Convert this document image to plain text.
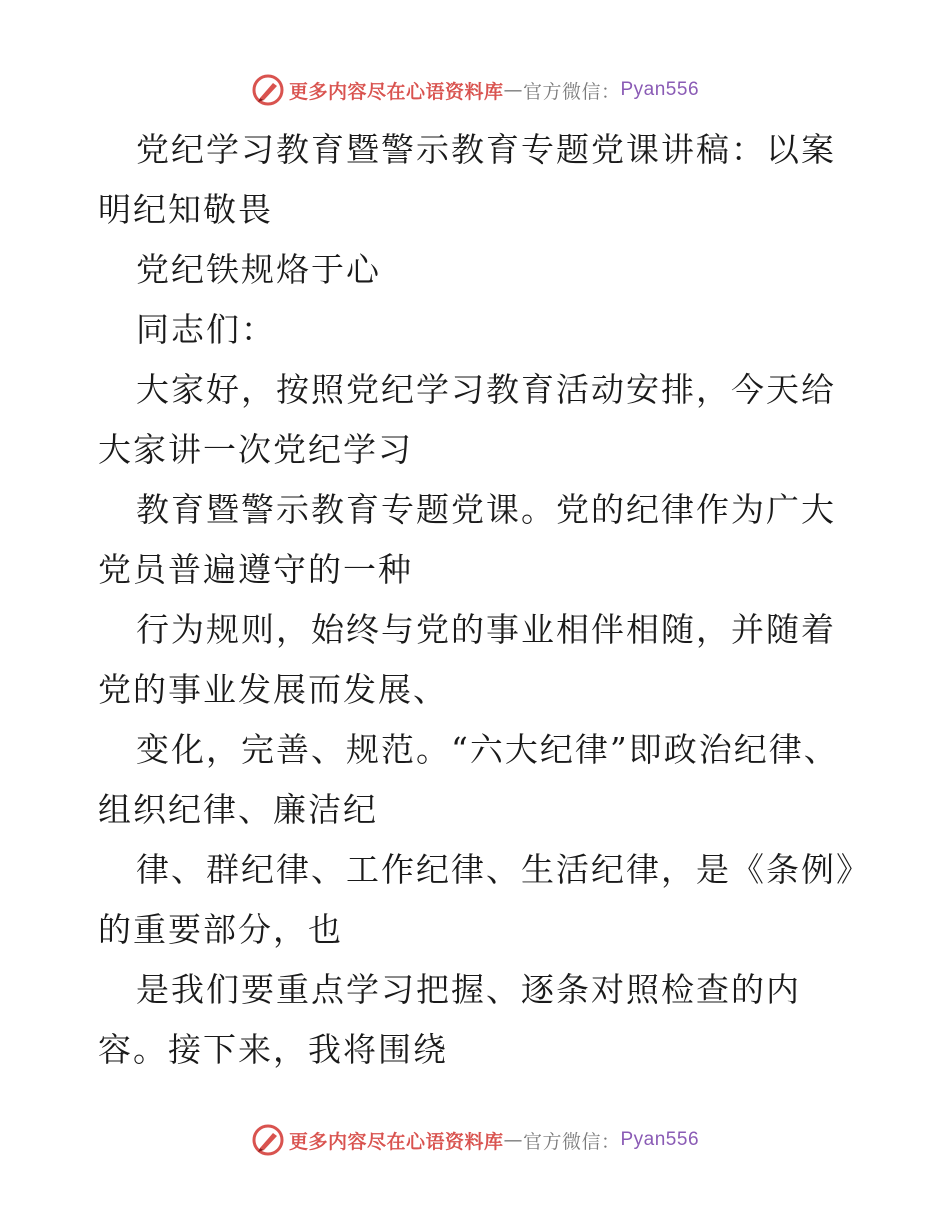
更多内容尽在心语资料库 — 官方微信： Pyan556

党纪学习教育暨警示教育专题党课讲稿：以案明纪知敬畏

党纪铁规烙于心

同志们：

大家好，按照党纪学习教育活动安排，今天给大家讲一次党纪学习

教育暨警示教育专题党课。党的纪律作为广大党员普遍遵守的一种

行为规则，始终与党的事业相伴相随，并随着党的事业发展而发展、

变化，完善、规范。“六大纪律”即政治纪律、组织纪律、廉洁纪

律、群纪律、工作纪律、生活纪律，是《条例》的重要部分，也

是我们要重点学习把握、逐条对照检查的内容。接下来，我将围绕

更多内容尽在心语资料库 — 官方微信： Pyan556
